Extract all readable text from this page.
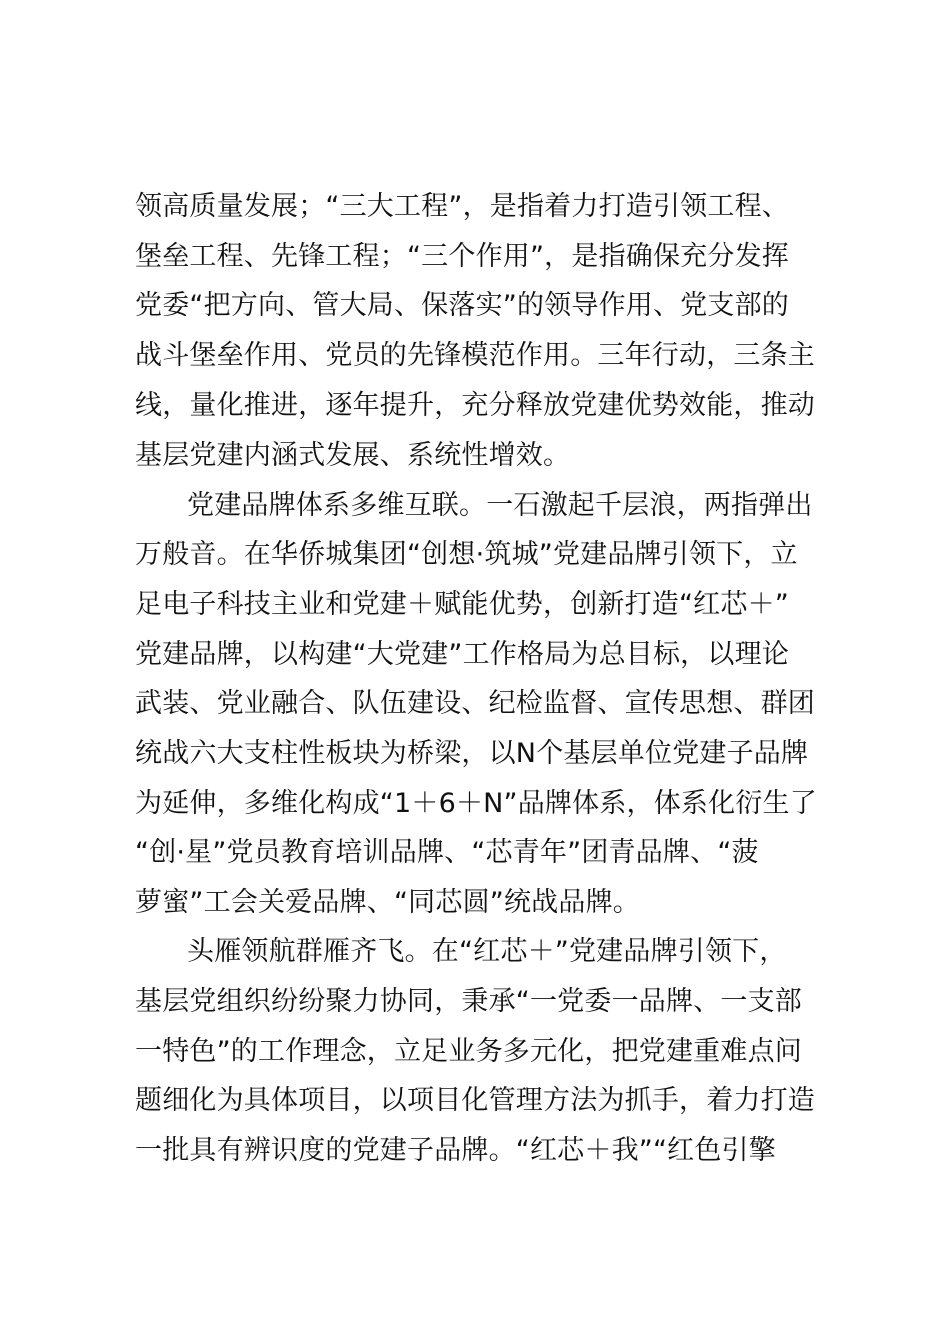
领高质量发展；“三大工程”，是指着力打造引领工程、
堡垒工程、先锋工程；“三个作用”，是指确保充分发挥
党委“把方向、管大局、保落实”的领导作用、党支部的
战斗堡垒作用、党员的先锋模范作用。三年行动，三条主
线，量化推进，逐年提升，充分释放党建优势效能，推动
基层党建内涵式发展、系统性增效。
党建品牌体系多维互联。一石激起千层浪，两指弹出
万般音。在华侨城集团“创想·筑城”党建品牌引领下，立
足电子科技主业和党建＋赋能优势，创新打造“红芯＋”
党建品牌，以构建“大党建”工作格局为总目标，以理论
武装、党业融合、队伍建设、纪检监督、宣传思想、群团
统战六大支柱性板块为桥梁，以N个基层单位党建子品牌
为延伸，多维化构成“1＋6＋N”品牌体系，体系化衍生了
“创·星”党员教育培训品牌、“芯青年”团青品牌、“菠
萝蜜”工会关爱品牌、“同芯圆”统战品牌。
头雁领航群雁齐飞。在“红芯＋”党建品牌引领下，
基层党组织纷纷聚力协同，秉承“一党委一品牌、一支部
一特色”的工作理念，立足业务多元化，把党建重难点问
题细化为具体项目，以项目化管理方法为抓手，着力打造
一批具有辨识度的党建子品牌。“红芯＋我”“红色引擎
